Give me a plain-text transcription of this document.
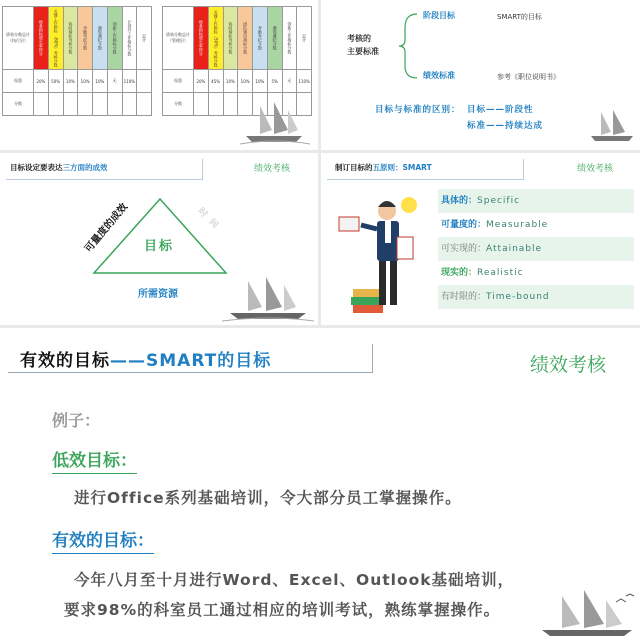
绩效分数总计（执行层）	财务指标增长率得分	关键工作指标 （60%）考核分数	协同指标考核分数	考勤考纪分数	遵规遵纪分数	创新工作指标分数	计划外工作指标分数	总计
权重	20%	50%	10%	10%	10%	无	110%	
分数								
绩效分数总计（管理层）	财务指标增长率得分	关键工作指标（50%）考核分数	协同指标考核分数	团队建设指标分数	考勤考纪分数	遵规遵纪分数	创新工作指标分数	总计
权重	20%	45%	10%	10%	10%	5%	无	110%
分数								
考核的
主要标准
阶段目标	SMART的目标
绩效标准	参考《职位说明书》
目标与标准的区别： 目标——阶段性
标准——持续达成
目标设定要表达三方面的成效	绩效考核
可量度的成效	时间
目标
所需资源
制订目标的五原则：SMART	绩效考核
具体的：Specific
可量度的：Measurable
可实现的：Attainable
现实的：Realistic
有时限的：Time-bound
有效的目标——SMART的目标	绩效考核
例子：
低效目标：
进行Office系列基础培训，令大部分员工掌握操作。
有效的目标：
今年八月至十月进行Word、Excel、Outlook基础培训，
要求98%的科室员工通过相应的培训考试，熟练掌握操作。
